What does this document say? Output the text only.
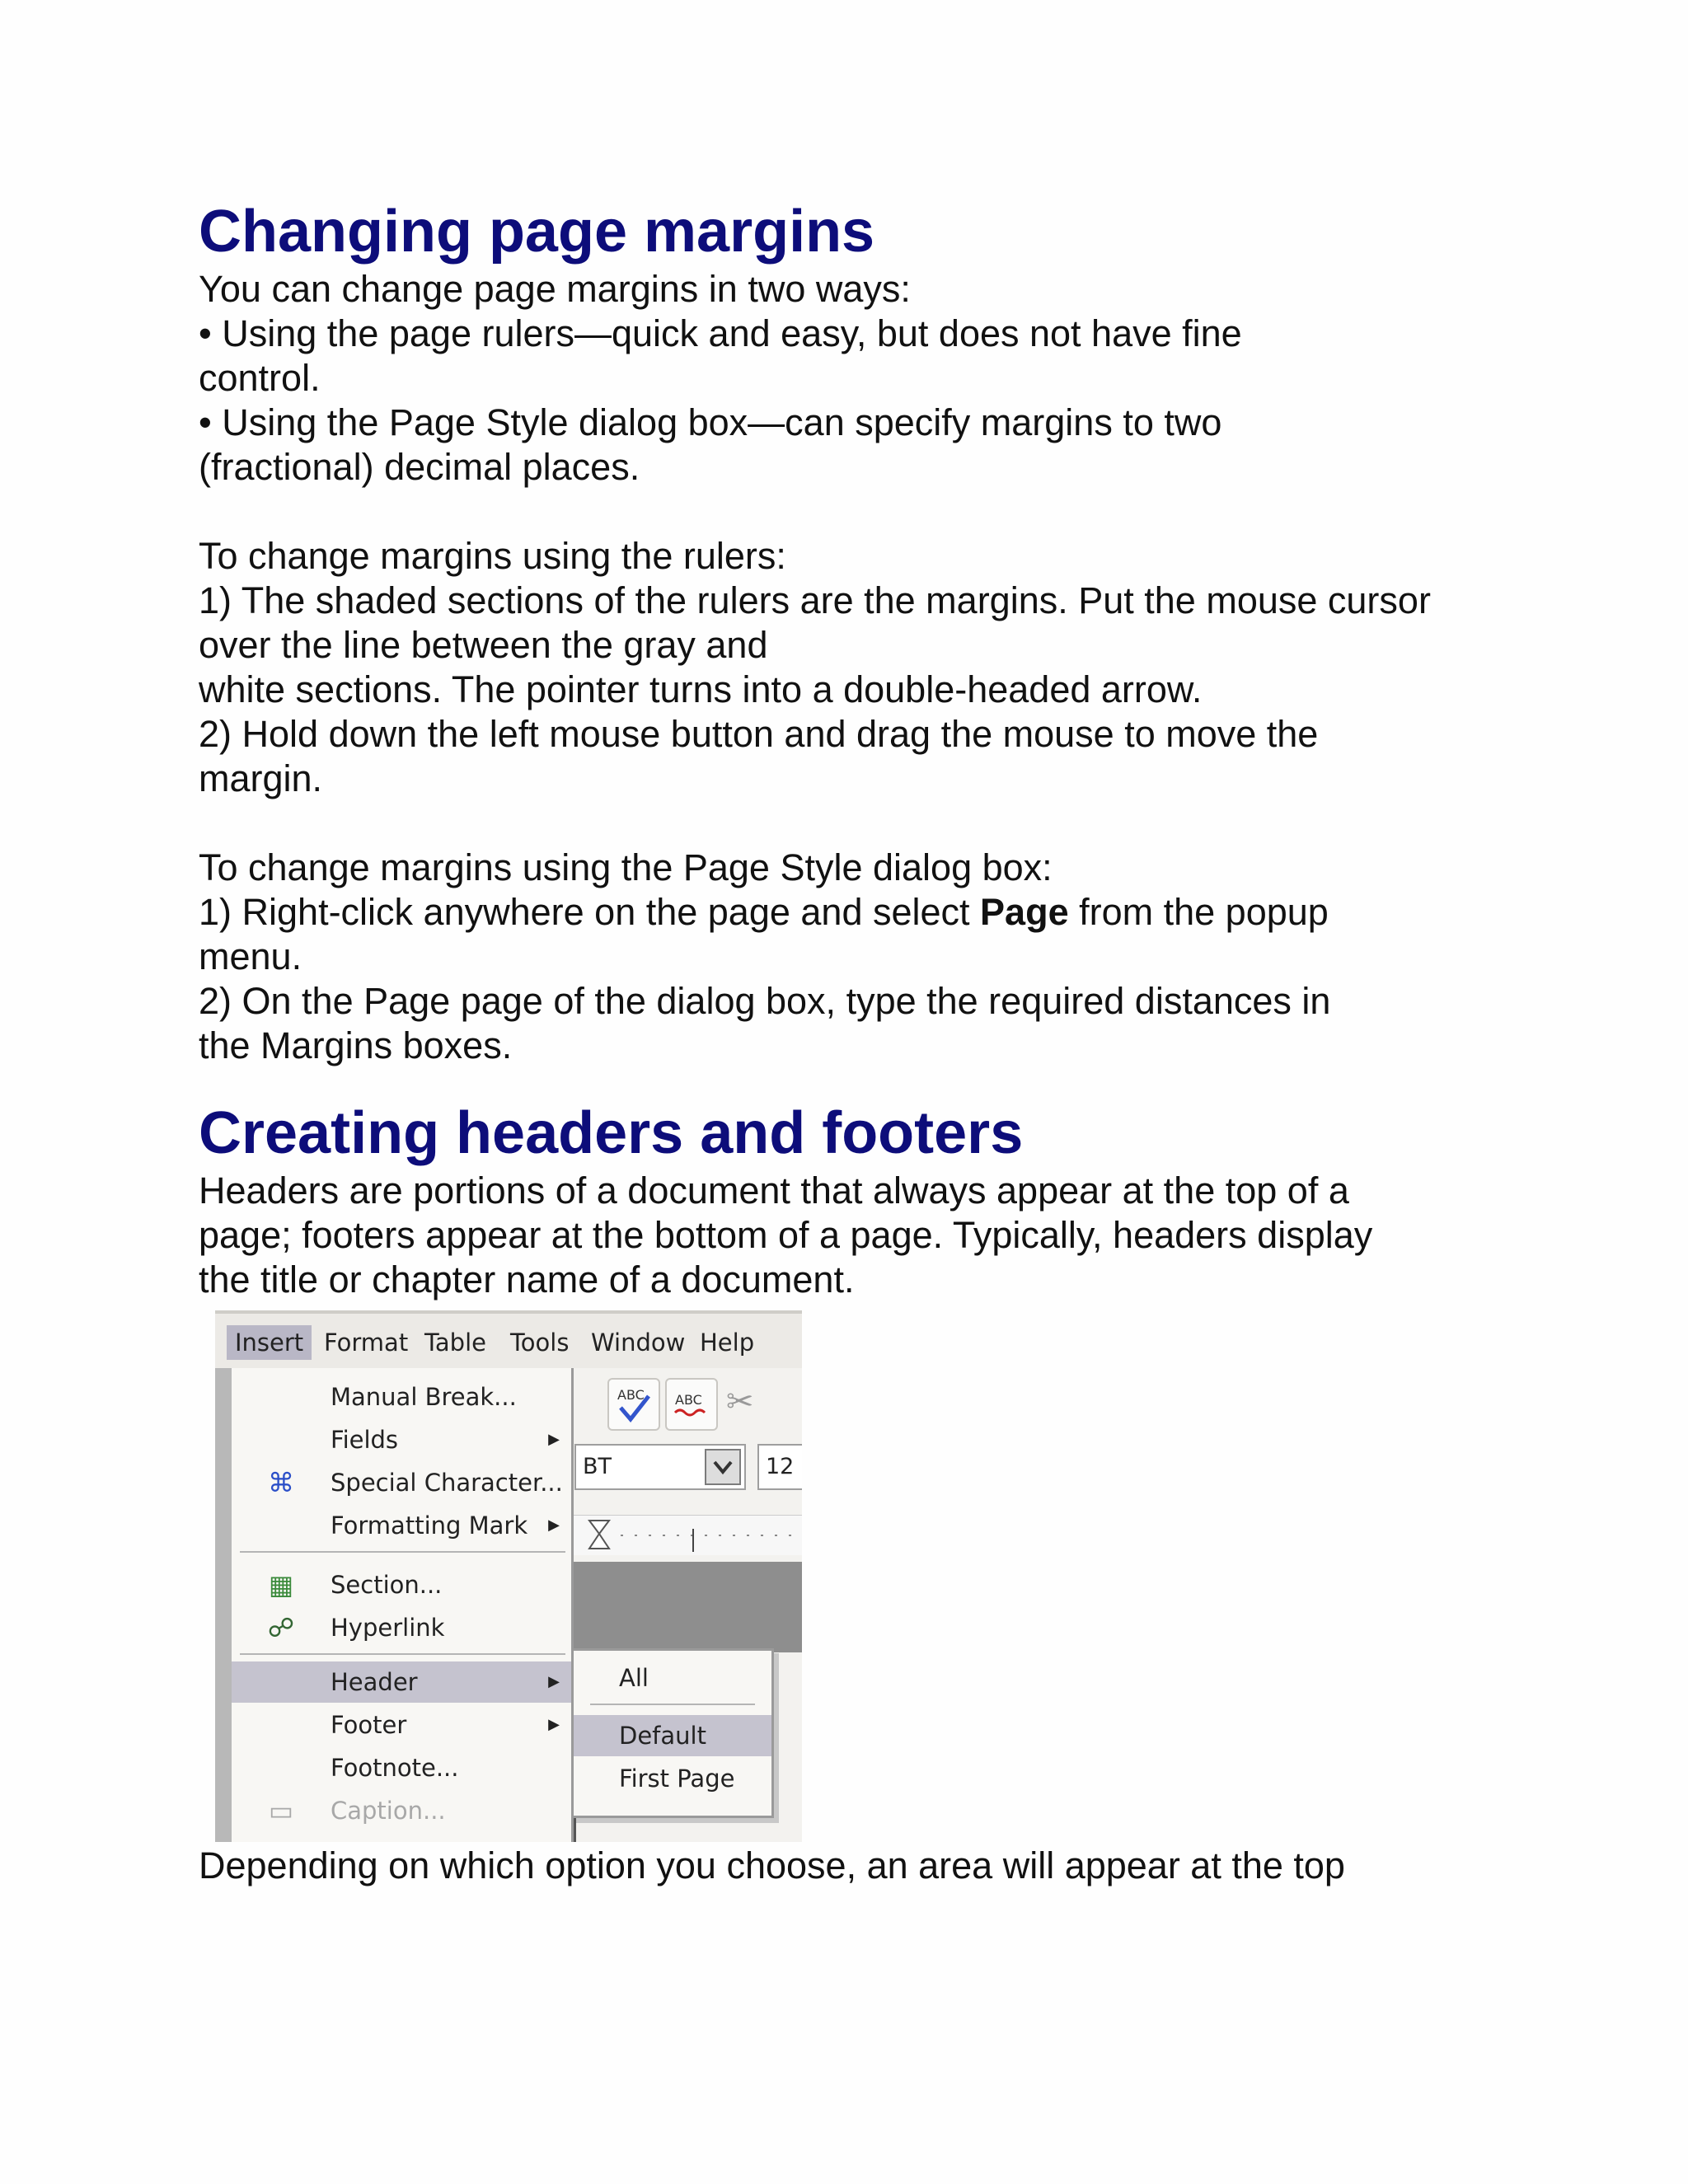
Changing page margins

You can change page margins in two ways:

• Using the page rulers—quick and easy, but does not have fine

control.

• Using the Page Style dialog box—can specify margins to two

(fractional) decimal places.

To change margins using the rulers:

1) The shaded sections of the rulers are the margins. Put the mouse cursor

over the line between the gray and

white sections. The pointer turns into a double-headed arrow.

2) Hold down the left mouse button and drag the mouse to move the

margin.

To change margins using the Page Style dialog box:

1) Right-click anywhere on the page and select Page from the popup

menu.

2) On the Page page of the dialog box, type the required distances in

the Margins boxes.

Creating headers and footers

Headers are portions of a document that always appear at the top of a

page; footers appear at the bottom of a page. Typically, headers display

the title or chapter name of a document.

Insert Format Table Tools Window Help
ABC ABC ✂
BT	12
Manual Break...
Fields	▶
⌘ Special Character...
Formatting Mark ▶
▦ Section...
☍ Hyperlink
Header	▶
Footer	▶
Footnote...
▭ Caption...
All
Default
First Page

Depending on which option you choose, an area will appear at the top
